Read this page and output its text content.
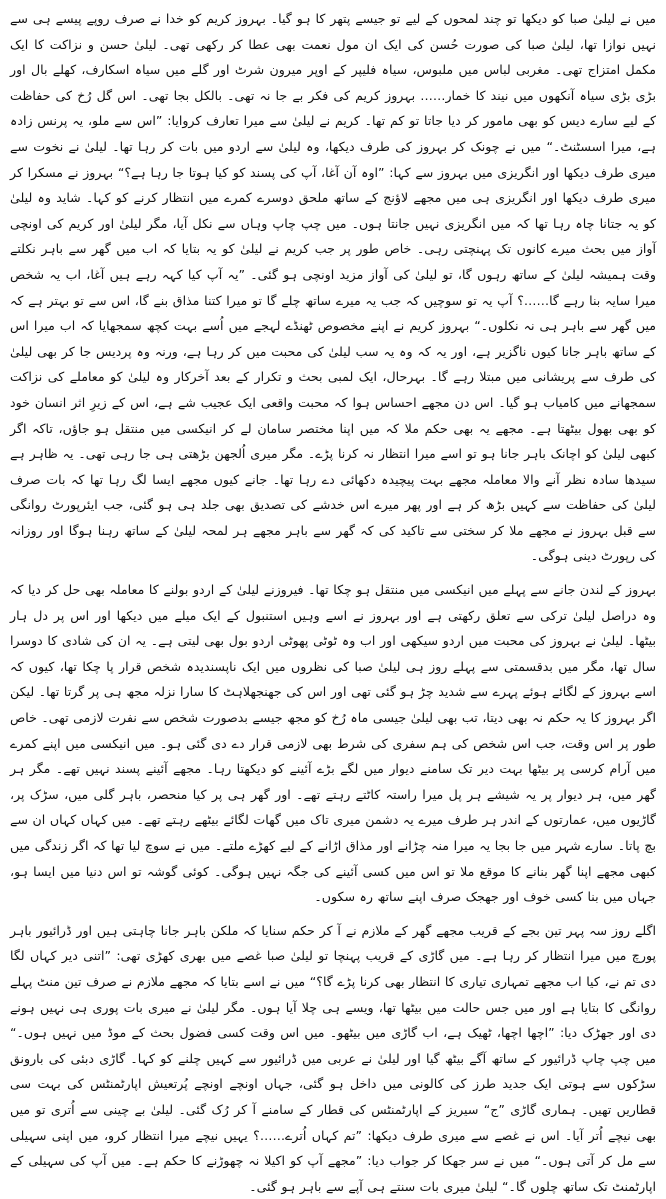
میں نے لیلیٰ صبا کو دیکھا تو چند لمحوں کے لیے تو جیسے پتھر کا ہو گیا۔ بہروز کریم کو خدا نے صرف روپے پیسے ہی سے نہیں نوازا تھا، لیلیٰ صبا کی صورت حُسن کی ایک ان مول نعمت بھی عطا کر رکھی تھی۔ لیلیٰ حسن و نزاکت کا ایک مکمل امتزاج تھی۔ مغربی لباس میں ملبوس، سیاہ فلیپر کے اوپر میرون شرٹ اور گلے میں سیاہ اسکارف، کھلے بال اور بڑی بڑی سیاہ آنکھوں میں نیند کا خمار…… بہروز کریم کی فکر بے جا نہ تھی۔ بالکل بجا تھی۔ اس گل رُخ کی حفاظت کے لیے سارے دیس کو بھی مامور کر دیا جاتا تو کم تھا۔ کریم نے لیلیٰ سے میرا تعارف کروایا: ”اس سے ملو، یہ پرنس زادہ ہے، میرا اسسٹنٹ۔“ میں نے چونک کر بہروز کی طرف دیکھا، وہ لیلیٰ سے اردو میں بات کر رہا تھا۔ لیلیٰ نے نخوت سے میری طرف دیکھا اور انگریزی میں بہروز سے کہا: ”اوہ آن آغا، آپ کی پسند کو کیا ہوتا جا رہا ہے؟“ بہروز نے مسکرا کر میری طرف دیکھا اور انگریزی ہی میں مجھے لاؤنج کے ساتھ ملحق دوسرے کمرے میں انتظار کرنے کو کہا۔ شاید وہ لیلیٰ کو یہ جتانا چاہ رہا تھا کہ میں انگریزی نہیں جانتا ہوں۔ میں چپ چاپ وہاں سے نکل آیا، مگر لیلیٰ اور کریم کی اونچی آواز میں بحث میرے کانوں تک پہنچتی رہی۔ خاص طور پر جب کریم نے لیلیٰ کو یہ بتایا کہ اب میں گھر سے باہر نکلتے وقت ہمیشہ لیلیٰ کے ساتھ رہوں گا، تو لیلیٰ کی آواز مزید اونچی ہو گئی۔ ”یہ آپ کیا کہہ رہے ہیں آغا، اب یہ شخص میرا سایہ بنا رہے گا……؟ آپ یہ تو سوچیں کہ جب یہ میرے ساتھ چلے گا تو میرا کتنا مذاق بنے گا، اس سے تو بہتر ہے کہ میں گھر سے باہر ہی نہ نکلوں۔“ بہروز کریم نے اپنے مخصوص ٹھنڈے لہجے میں اُسے بہت کچھ سمجھایا کہ اب میرا اس کے ساتھ باہر جانا کیوں ناگزیر ہے، اور یہ کہ وہ یہ سب لیلیٰ کی محبت میں کر رہا ہے، ورنہ وہ پردیس جا کر بھی لیلیٰ کی طرف سے پریشانی میں مبتلا رہے گا۔ بہرحال، ایک لمبی بحث و تکرار کے بعد آخرکار وہ لیلیٰ کو معاملے کی نزاکت سمجھانے میں کامیاب ہو گیا۔ اس دن مجھے احساس ہوا کہ محبت واقعی ایک عجیب شے ہے، اس کے زیرِ اثر انسان خود کو بھی بھول بیٹھتا ہے۔ مجھے یہ بھی حکم ملا کہ میں اپنا مختصر سامان لے کر انیکسی میں منتقل ہو جاؤں، تاکہ اگر کبھی لیلیٰ کو اچانک باہر جانا ہو تو اسے میرا انتظار نہ کرنا پڑے۔ مگر میری اُلجھن بڑھتی ہی جا رہی تھی۔ یہ ظاہر ہے سیدھا سادہ نظر آنے والا معاملہ مجھے بہت پیچیدہ دکھائی دے رہا تھا۔ جانے کیوں مجھے ایسا لگ رہا تھا کہ بات صرف لیلیٰ کی حفاظت سے کہیں بڑھ کر ہے اور پھر میرے اس خدشے کی تصدیق بھی جلد ہی ہو گئی، جب ایئرپورٹ روانگی سے قبل بہروز نے مجھے ملا کر سختی سے تاکید کی کہ گھر سے باہر مجھے ہر لمحہ لیلیٰ کے ساتھ رہنا ہوگا اور روزانہ کی رپورٹ دینی ہوگی۔

بہروز کے لندن جانے سے پہلے میں انیکسی میں منتقل ہو چکا تھا۔ فیروزنے لیلیٰ کے اردو بولنے کا معاملہ بھی حل کر دیا کہ وہ دراصل لیلیٰ ترکی سے تعلق رکھتی ہے اور بہروز نے اسے وہیں استنبول کے ایک میلے میں دیکھا اور اس پر دل ہار بیٹھا۔ لیلیٰ نے بہروز کی محبت میں اردو سیکھی اور اب وہ ٹوٹی پھوٹی اردو بول بھی لیتی ہے۔ یہ ان کی شادی کا دوسرا سال تھا، مگر میں بدقسمتی سے پہلے روز ہی لیلیٰ صبا کی نظروں میں ایک ناپسندیدہ شخص قرار پا چکا تھا، کیوں کہ اسے بہروز کے لگائے ہوئے پہرے سے شدید چڑ ہو گئی تھی اور اس کی جھنجھلاہٹ کا سارا نزلہ مجھ ہی پر گرتا تھا۔ لیکن اگر بہروز کا یہ حکم نہ بھی دیتا، تب بھی لیلیٰ جیسی ماہ رُخ کو مجھ جیسے بدصورت شخص سے نفرت لازمی تھی۔ خاص طور پر اس وقت، جب اس شخص کی ہم سفری کی شرط بھی لازمی قرار دے دی گئی ہو۔ میں انیکسی میں اپنے کمرے میں آرام کرسی پر بیٹھا بہت دیر تک سامنے دیوار میں لگے بڑے آئینے کو دیکھتا رہا۔ مجھے آئینے پسند نہیں تھے۔ مگر ہر گھر میں، ہر دیوار پر یہ شیشے ہر پل میرا راستہ کاٹتے رہتے تھے۔ اور گھر ہی پر کیا منحصر، باہر گلی میں، سڑک پر، گاڑیوں میں، عمارتوں کے اندر ہر طرف میرے یہ دشمن میری تاک میں گھات لگائے بیٹھے رہتے تھے۔ میں کہاں کہاں ان سے بچ پاتا۔ سارے شہر میں جا بجا یہ میرا منہ چڑانے اور مذاق اڑانے کے لیے کھڑے ملتے۔ میں نے سوچ لیا تھا کہ اگر زندگی میں کبھی مجھے اپنا گھر بنانے کا موقع ملا تو اس میں کسی آئینے کی جگہ نہیں ہوگی۔ کوئی گوشہ تو اس دنیا میں ایسا ہو، جہاں میں بنا کسی خوف اور جھجک صرف اپنے ساتھ رہ سکوں۔

اگلے روز سہ پہر تین بجے کے قریب مجھے گھر کے ملازم نے آ کر حکم سنایا کہ ملکن باہر جانا چاہتی ہیں اور ڈرائیور باہر پورچ میں میرا انتظار کر رہا ہے۔ میں گاڑی کے قریب پہنچا تو لیلیٰ صبا غصے میں بھری کھڑی تھی: ”اتنی دیر کہاں لگا دی تم نے، کیا اب مجھے تمہاری تیاری کا انتظار بھی کرنا پڑے گا؟“ میں نے اسے بتایا کہ مجھے ملازم نے صرف تین منٹ پہلے روانگی کا بتایا ہے اور میں جس حالت میں بیٹھا تھا، ویسے ہی چلا آیا ہوں۔ مگر لیلیٰ نے میری بات پوری ہی نہیں ہونے دی اور جھڑک دیا: ”اچھا اچھا، ٹھیک ہے، اب گاڑی میں بیٹھو۔ میں اس وقت کسی فضول بحث کے موڈ میں نہیں ہوں۔“ میں چپ چاپ ڈرائیور کے ساتھ آگے بیٹھ گیا اور لیلیٰ نے عربی میں ڈرائیور سے کہیں چلنے کو کہا۔ گاڑی دبئی کی بارونق سڑکوں سے ہوتی ایک جدید طرز کی کالونی میں داخل ہو گئی، جہاں اونچے اونچے پُرتعیش اپارٹمنٹس کی بہت سی قطاریں تھیں۔ ہماری گاڑی ”ج“ سیریز کے اپارٹمنٹس کی قطار کے سامنے آ کر رُک گئی۔ لیلیٰ بے چینی سے اُتری تو میں بھی نیچے اُتر آیا۔ اس نے غصے سے میری طرف دیکھا: ”تم کہاں اُترے……؟ یہیں نیچے میرا انتظار کرو، میں اپنی سہیلی سے مل کر آتی ہوں۔“ میں نے سر جھکا کر جواب دیا: ”مجھے آپ کو اکیلا نہ چھوڑنے کا حکم ہے۔ میں آپ کی سہیلی کے اپارٹمنٹ تک ساتھ چلوں گا۔“ لیلیٰ میری بات سنتے ہی آپے سے باہر ہو گئی۔
